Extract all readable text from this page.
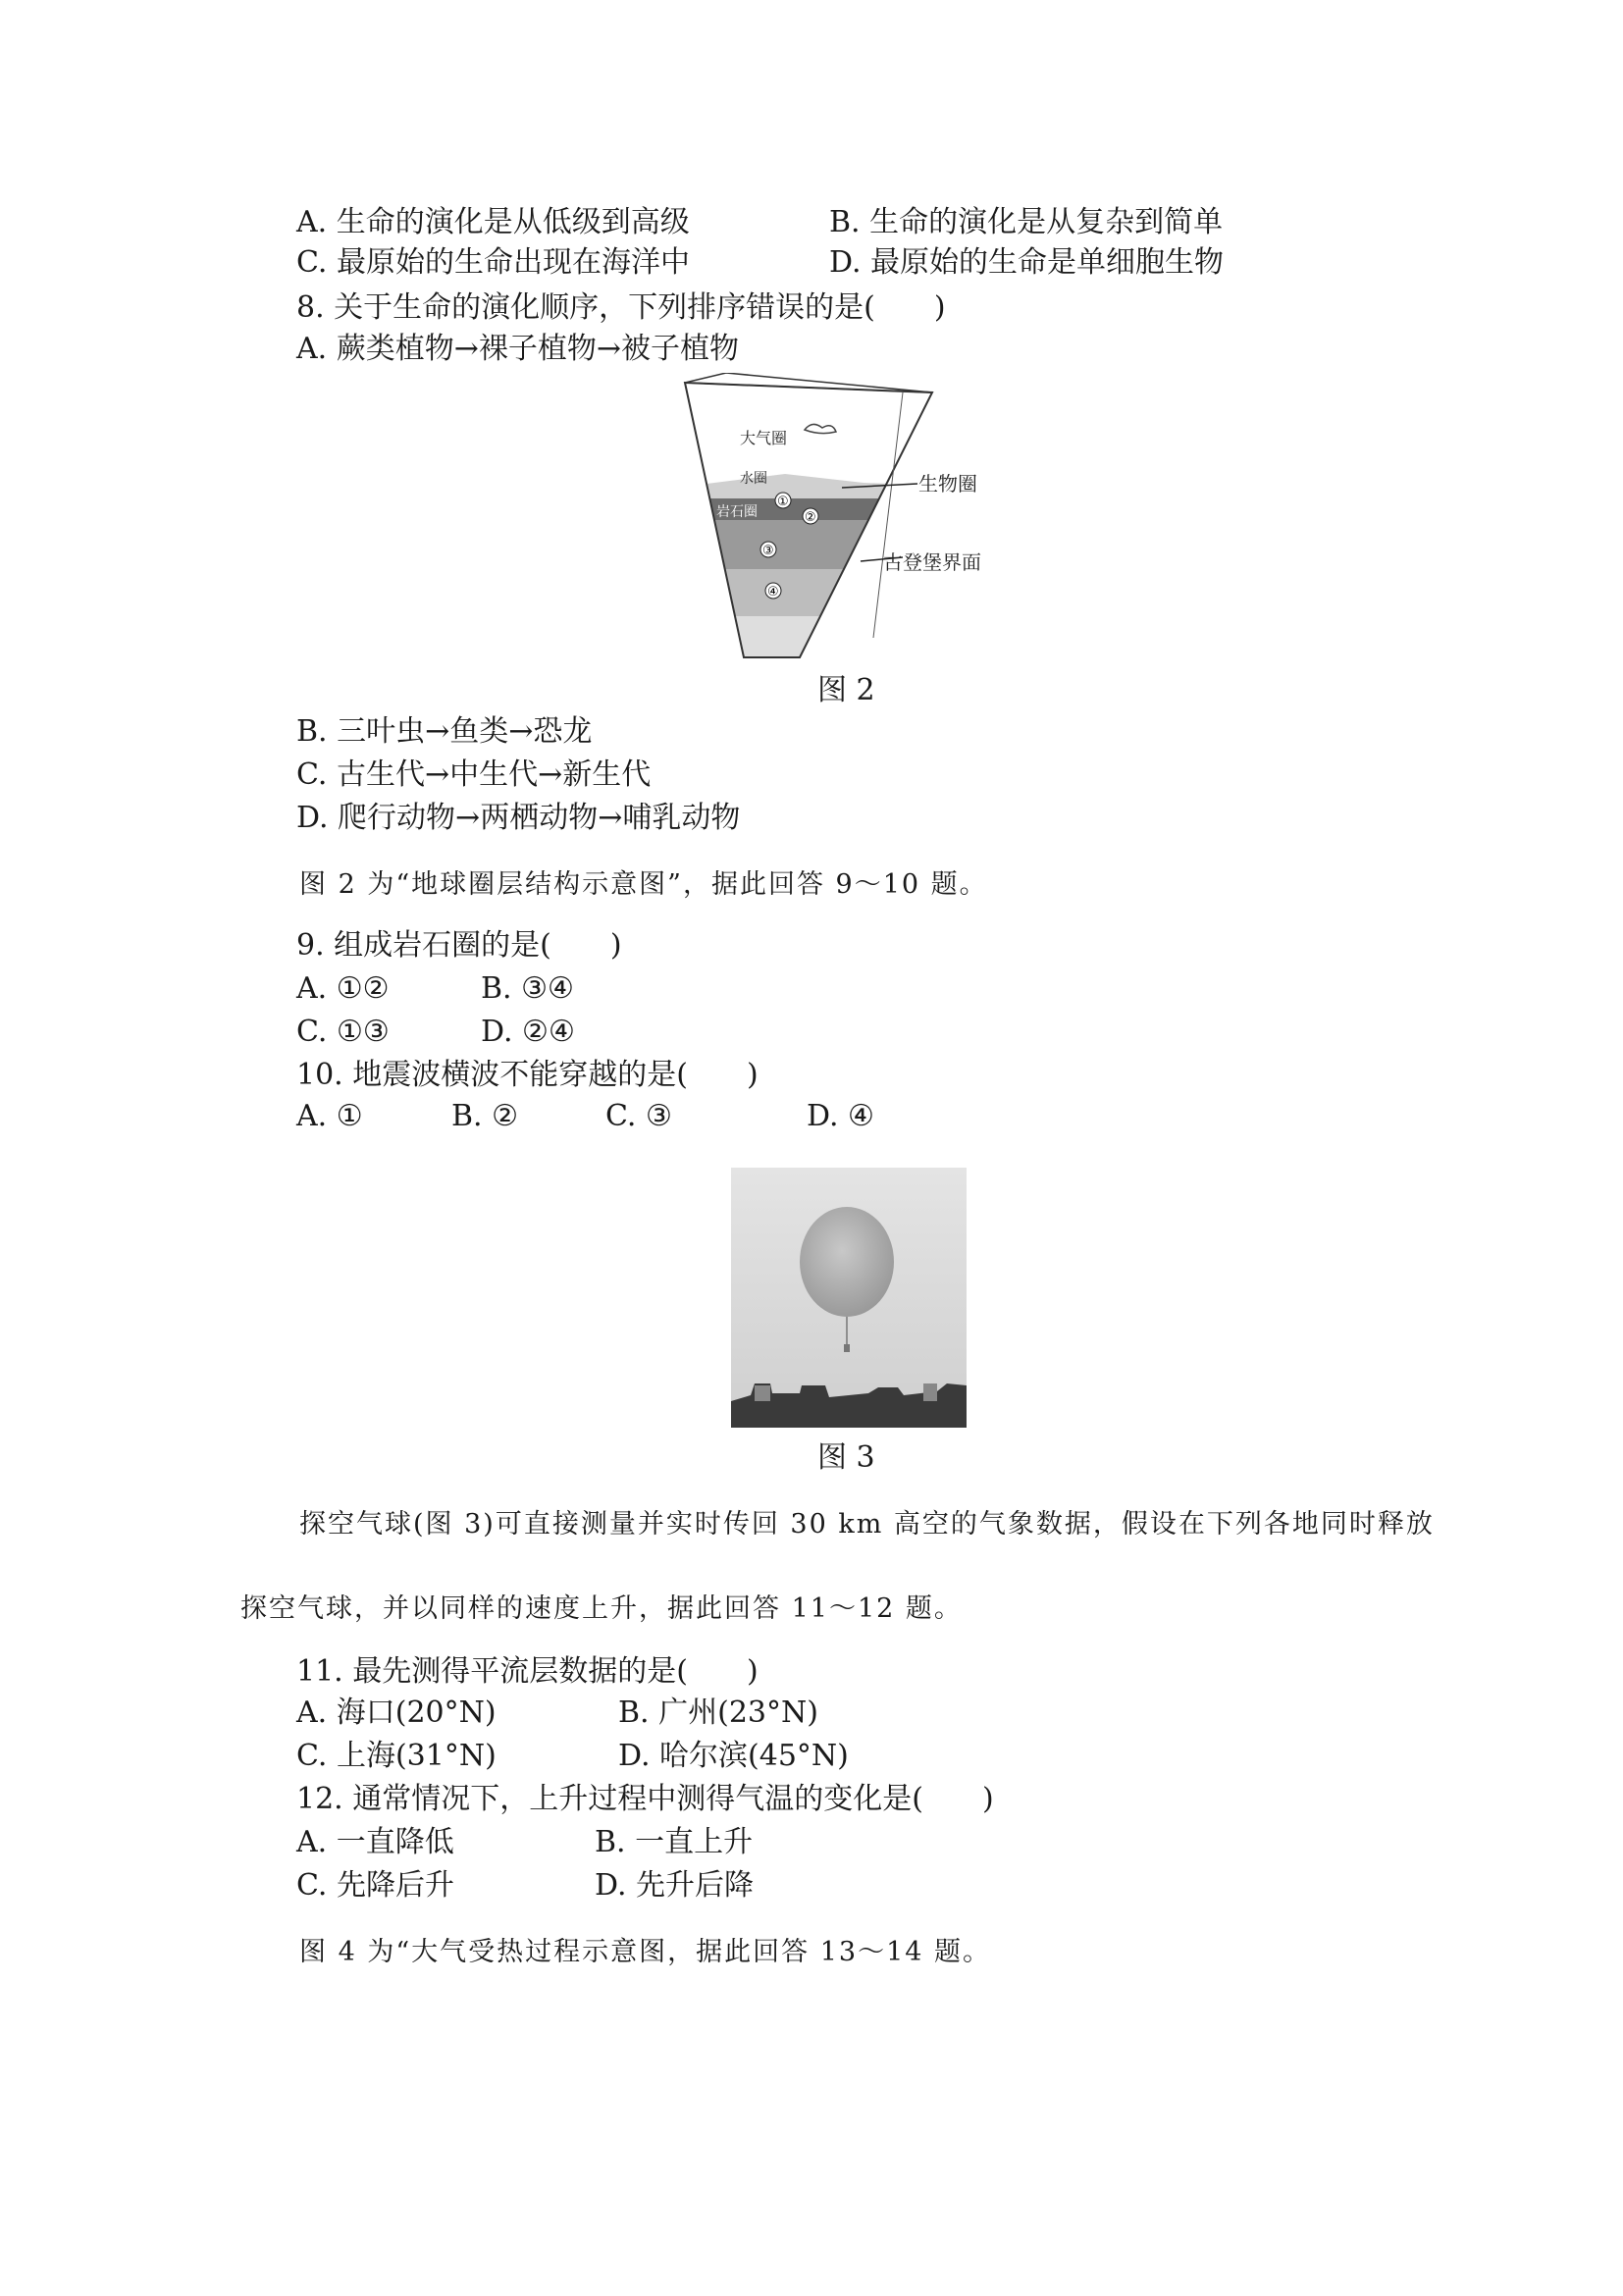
A. 生命的演化是从低级到高级	B. 生命的演化是从复杂到简单
C. 最原始的生命出现在海洋中	D. 最原始的生命是单细胞生物
8. 关于生命的演化顺序，下列排序错误的是(　　)
A. 蕨类植物→裸子植物→被子植物
大气圈
水圈
岩石圈
①
②
③
④
生物圈
古登堡界面
图 2
B. 三叶虫→鱼类→恐龙
C. 古生代→中生代→新生代
D. 爬行动物→两栖动物→哺乳动物
图 2 为“地球圈层结构示意图”，据此回答 9～10 题。
9. 组成岩石圈的是(　　)
A. ①②	B. ③④
C. ①③	D. ②④
10. 地震波横波不能穿越的是(　　)
A. ①	B. ②	C. ③	D. ④
图 3
探空气球(图 3)可直接测量并实时传回 30 km 高空的气象数据，假设在下列各地同时释放
探空气球，并以同样的速度上升，据此回答 11～12 题。
11. 最先测得平流层数据的是(　　)
A. 海口(20°N)	B. 广州(23°N)
C. 上海(31°N)	D. 哈尔滨(45°N)
12. 通常情况下，上升过程中测得气温的变化是(　　)
A. 一直降低	B. 一直上升
C. 先降后升	D. 先升后降
图 4 为“大气受热过程示意图，据此回答 13～14 题。
